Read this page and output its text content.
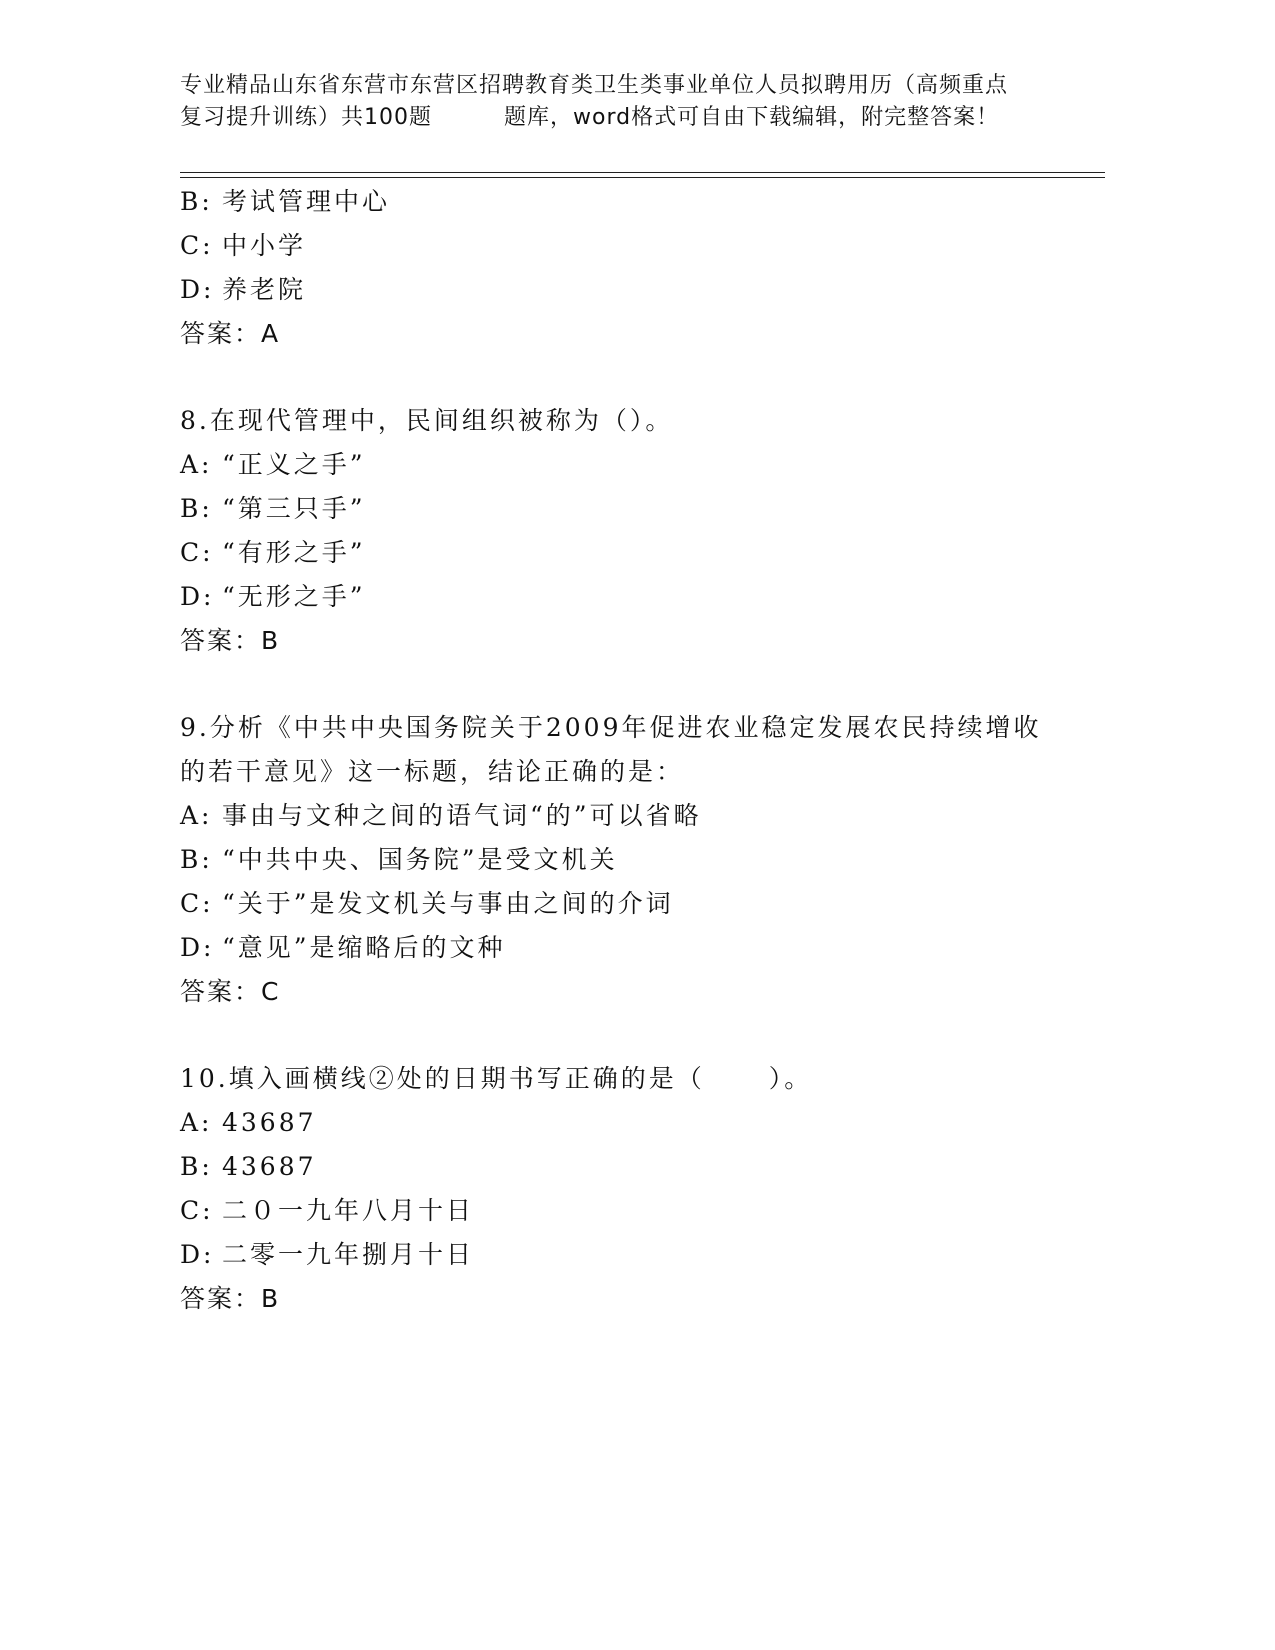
专业精品山东省东营市东营区招聘教育类卫生类事业单位人员拟聘用历（高频重点
复习提升训练）共100题	题库，word格式可自由下载编辑，附完整答案！
B: 考试管理中心
C: 中小学
D: 养老院
答案：A
8.在现代管理中，民间组织被称为（）。
A: “正义之手”
B: “第三只手”
C: “有形之手”
D: “无形之手”
答案：B
9.分析《中共中央国务院关于2009年促进农业稳定发展农民持续增收
的若干意见》这一标题，结论正确的是：
A: 事由与文种之间的语气词“的”可以省略
B: “中共中央、国务院”是受文机关
C: “关于”是发文机关与事由之间的介词
D: “意见”是缩略后的文种
答案：C
10.填入画横线②处的日期书写正确的是（	）。
A: 43687
B: 43687
C: 二０一九年八月十日
D: 二零一九年捌月十日
答案：B
